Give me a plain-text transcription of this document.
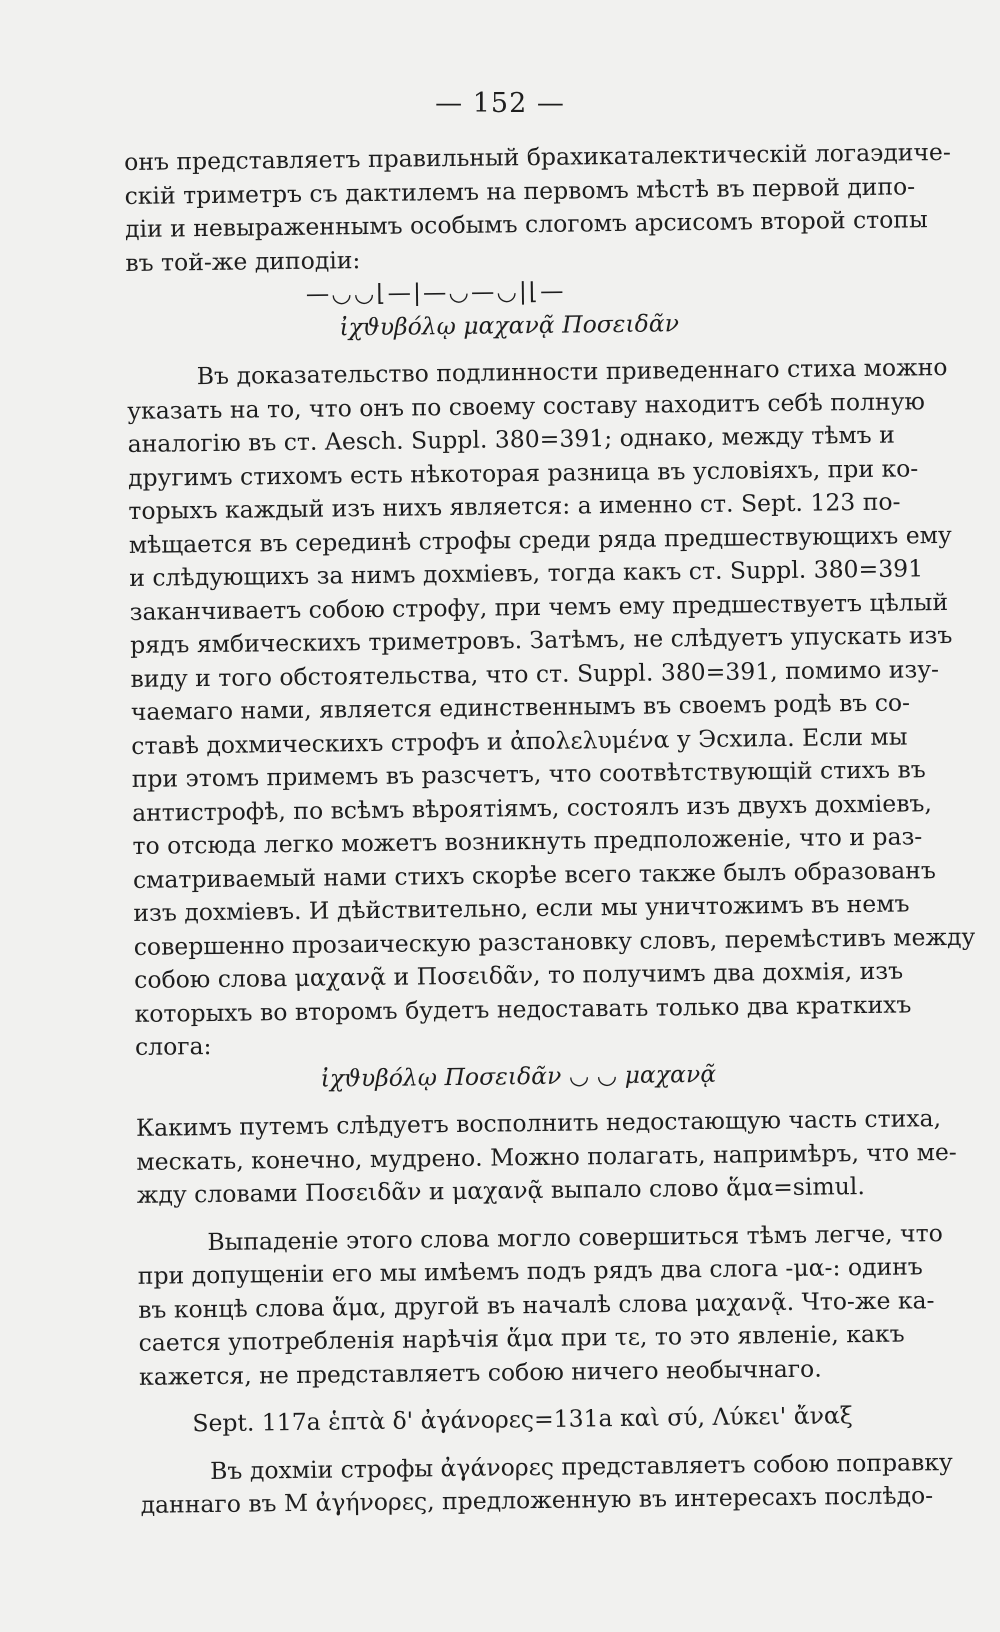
— 152 —
онъ представляетъ правильный брахикаталектическій логаэдиче-
скій триметръ съ дактилемъ на первомъ мѣстѣ въ первой дипо-
діи и невыраженнымъ особымъ слогомъ арсисомъ второй стопы
въ той-же диподіи:
—◡◡⌊—|—◡—◡|⌊—
ἰχϑυβόλῳ μαχανᾷ Ποσειδᾶν
Въ доказательство подлинности приведеннаго стиха можно
указать на то, что онъ по своему составу находитъ себѣ полную
аналогію въ ст. Aesch. Suppl. 380=391; однако, между тѣмъ и
другимъ стихомъ есть нѣкоторая разница въ условіяхъ, при ко-
торыхъ каждый изъ нихъ является: а именно ст. Sept. 123 по-
мѣщается въ серединѣ строфы среди ряда предшествующихъ ему
и слѣдующихъ за нимъ дохміевъ, тогда какъ ст. Suppl. 380=391
заканчиваетъ собою строфу, при чемъ ему предшествуетъ цѣлый
рядъ ямбическихъ триметровъ. Затѣмъ, не слѣдуетъ упускать изъ
виду и того обстоятельства, что ст. Suppl. 380=391, помимо изу-
чаемаго нами, является единственнымъ въ своемъ родѣ въ со-
ставѣ дохмическихъ строфъ и ἀπολελυμένα у Эсхила. Если мы
при этомъ примемъ въ разсчетъ, что соотвѣтствующій стихъ въ
антистрофѣ, по всѣмъ вѣроятіямъ, состоялъ изъ двухъ дохміевъ,
то отсюда легко можетъ возникнуть предположеніе, что и раз-
сматриваемый нами стихъ скорѣе всего также былъ образованъ
изъ дохміевъ. И дѣйствительно, если мы уничтожимъ въ немъ
совершенно прозаическую разстановку словъ, перемѣстивъ между
собою слова μαχανᾷ и Ποσειδᾶν, то получимъ два дохмія, изъ
которыхъ во второмъ будетъ недоставать только два краткихъ
слога:
ἰχϑυβόλῳ Ποσειδᾶν ◡ ◡ μαχανᾷ
Какимъ путемъ слѣдуетъ восполнить недостающую часть стиха,
мескать, конечно, мудрено. Можно полагать, напримѣръ, что ме-
жду словами Ποσειδᾶν и μαχανᾷ выпало слово ἅμα=simul.
Выпаденіе этого слова могло совершиться тѣмъ легче, что
при допущеніи его мы имѣемъ подъ рядъ два слога -μα-: одинъ
въ концѣ слова ἅμα, другой въ началѣ слова μαχανᾷ. Что-же ка-
сается употребленія нарѣчія ἅμα при τε, то это явленіе, какъ
кажется, не представляетъ собою ничего необычнаго.
Sept. 117a ἑπτὰ δ' ἀγάνορες=131a καὶ σύ, Λύκει' ἄναξ
Въ дохміи строфы ἀγάνορες представляетъ собою поправку
даннаго въ M ἀγήνορες, предложенную въ интересахъ послѣдо-
